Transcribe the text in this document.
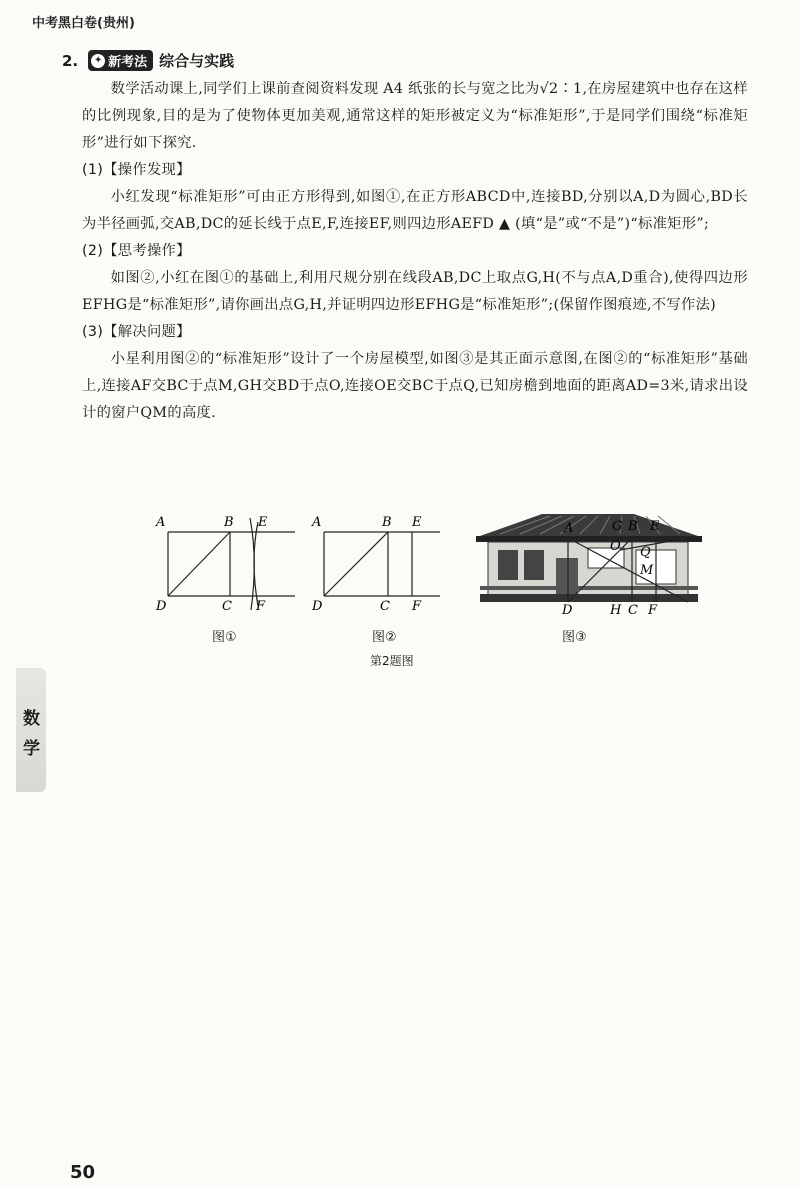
中考黑白卷(贵州)
2. ✦ 新考法 综合与实践

数学活动课上,同学们上课前查阅资料发现 A4 纸张的长与宽之比为√2∶1,在房屋建筑中也存在这样的比例现象,目的是为了使物体更加美观,通常这样的矩形被定义为“标准矩形”,于是同学们围绕“标准矩形”进行如下探究.

(1)【操作发现】

小红发现“标准矩形”可由正方形得到,如图①,在正方形ABCD中,连接BD,分别以A,D为圆心,BD长为半径画弧,交AB,DC的延长线于点E,F,连接EF,则四边形AEFD ▲ (填“是”或“不是”)“标准矩形”;

(2)【思考操作】

如图②,小红在图①的基础上,利用尺规分别在线段AB,DC上取点G,H(不与点A,D重合),使得四边形EFHG是“标准矩形”,请你画出点G,H,并证明四边形EFHG是“标准矩形”;(保留作图痕迹,不写作法)

(3)【解决问题】

小星利用图②的“标准矩形”设计了一个房屋模型,如图③是其正面示意图,在图②的“标准矩形”基础上,连接AF交BC于点M,GH交BD于点O,连接OE交BC于点Q,已知房檐到地面的距离AD=3米,请求出设计的窗户QM的高度.

A	B E
D	C F
A	B E
D	C F
A	G B E
O Q
M
D	H C F
图①	图②	图③
第2题图
数
学
50
